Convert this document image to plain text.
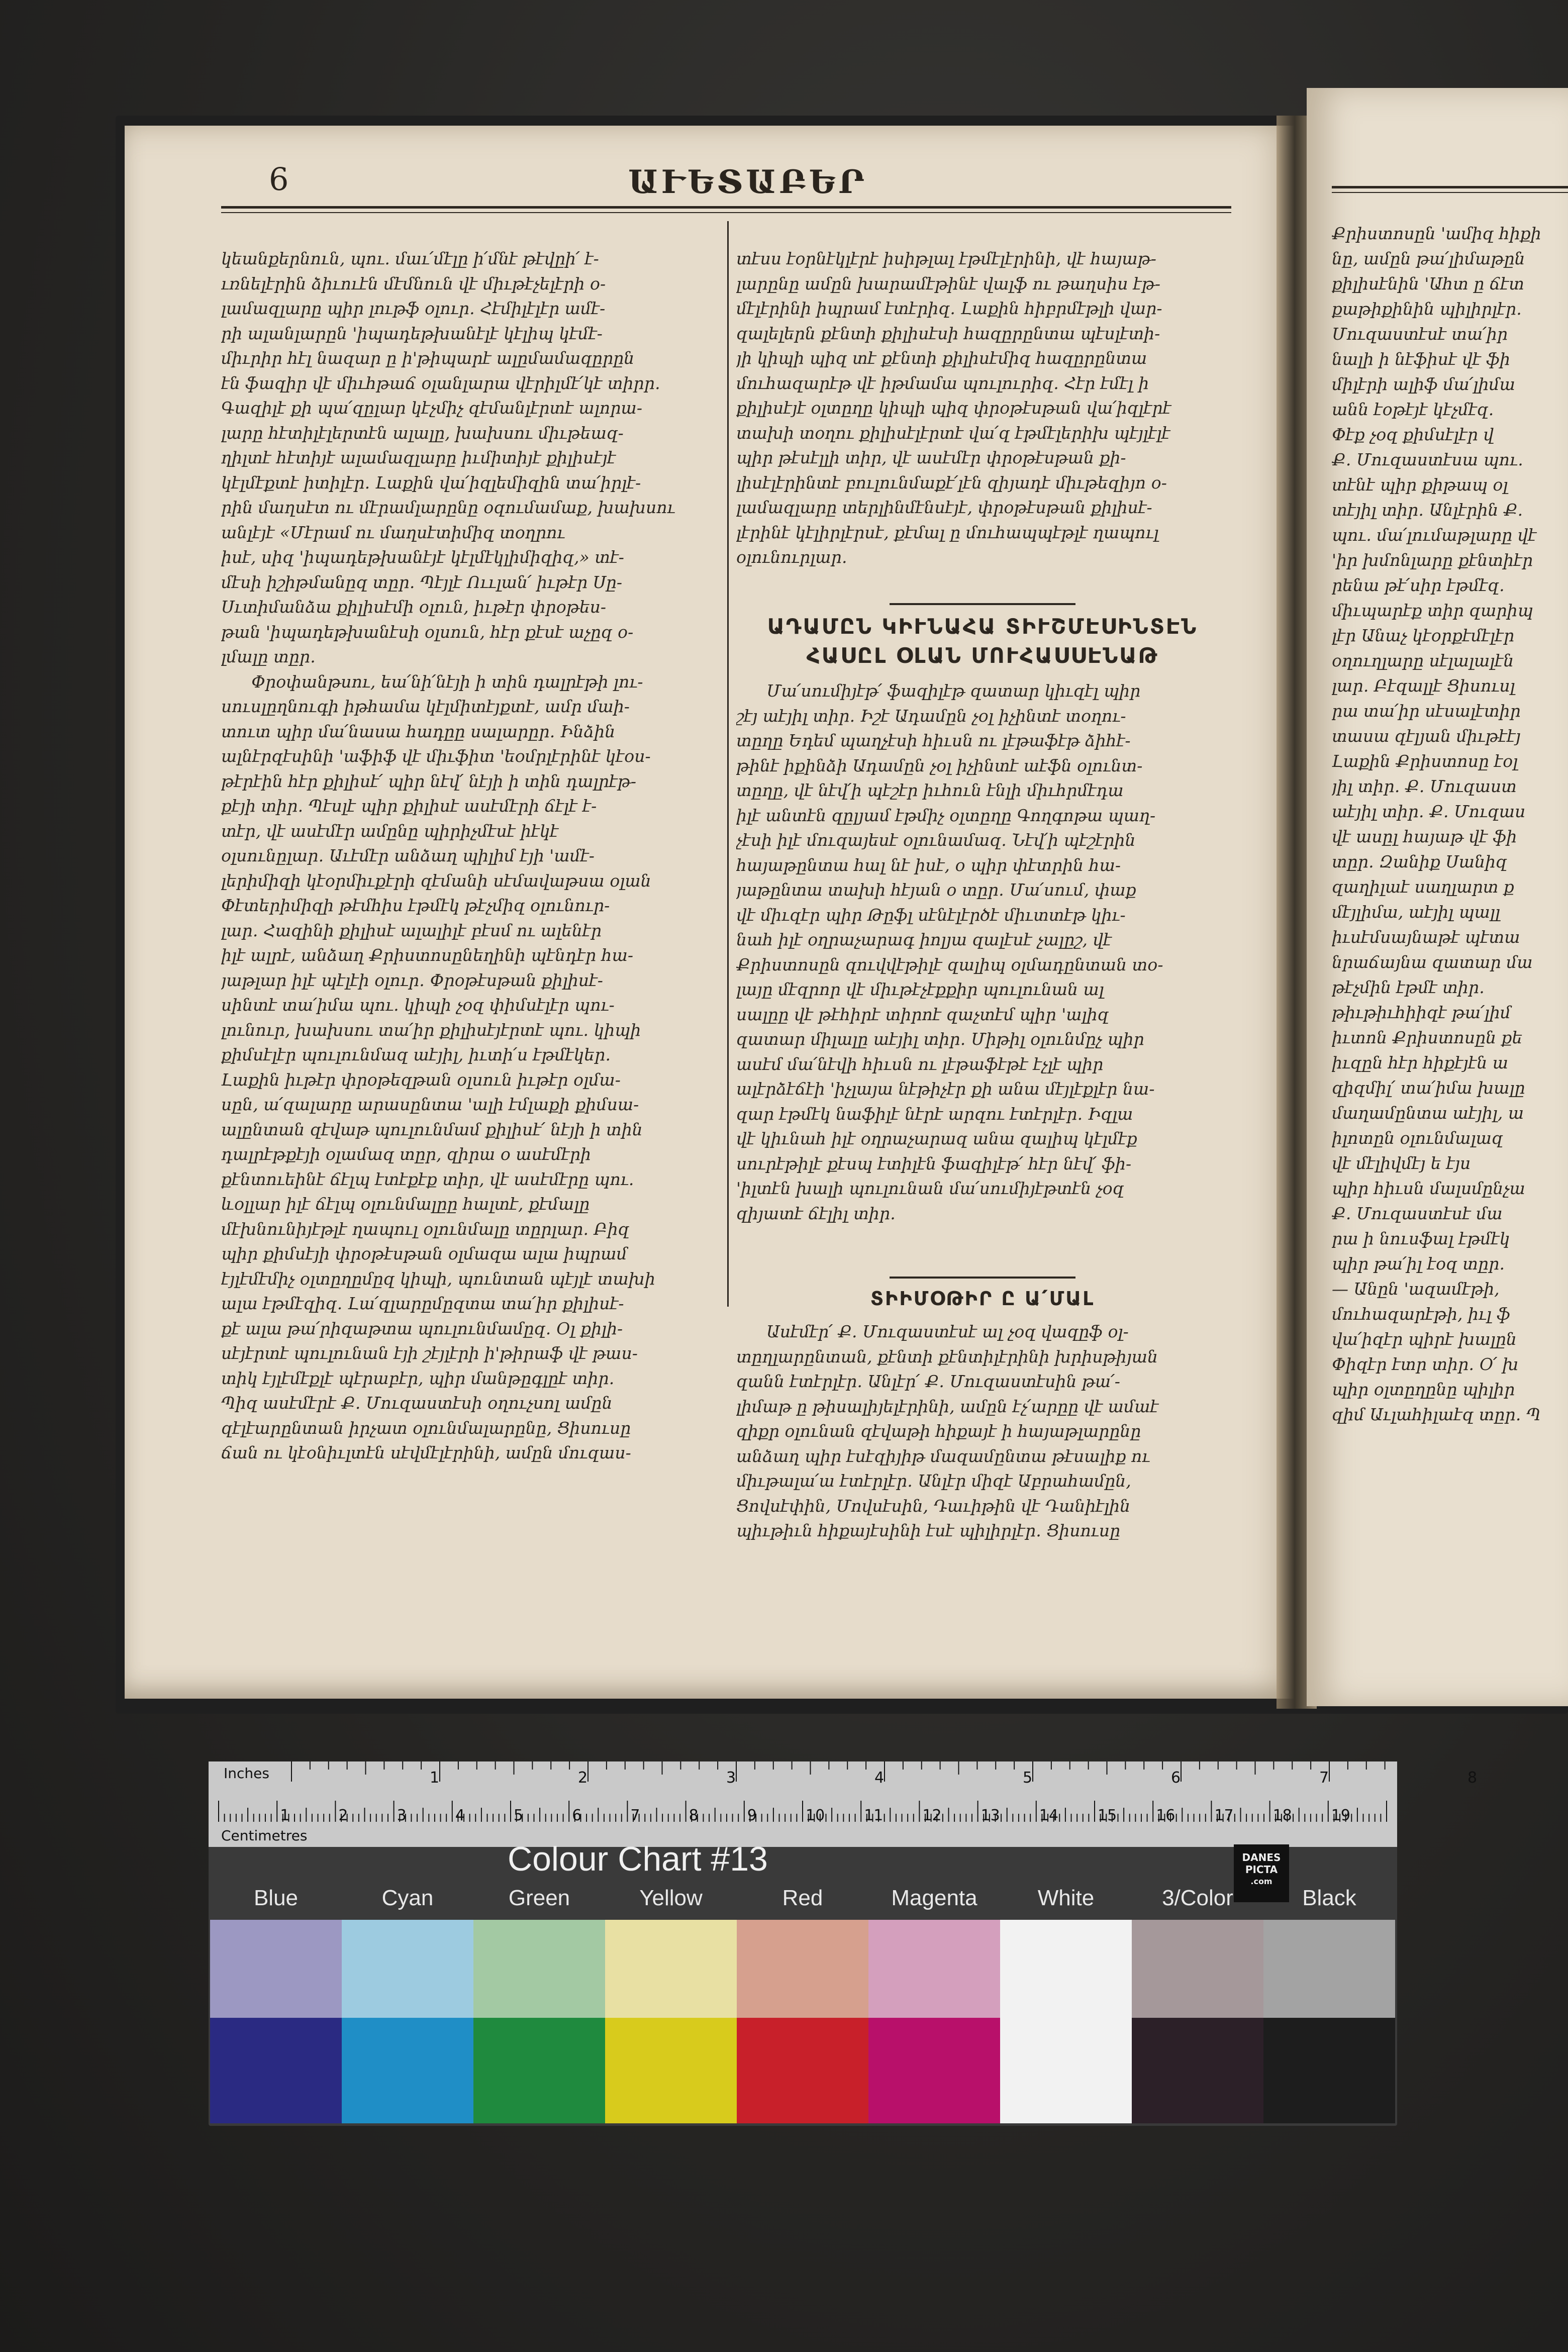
6	ԱՒԵՏԱԲԵՐ
կեանքերնուն, պու. մաւ՛մէլը ի՛մնէ թէվըի՛ է-
ւռնելէրին ձիւուէն մէմնուն վէ միւթէչելէրի օ-
լամազլարը պիր լութֆ օլուր․ Հէմիլէլէր ամէ-
րի ալանլարըն 'իպադեթխանէլէ կէլիպ կէմէ-
միւրիր հէլ նազար ը ի'թիպարէ ալըմամազըրըն
էն ֆազիր վէ միւհթաճ օլանլարա վէրիլմէ՛կէ տիրր․
Գազիլէ քի պա՛զըլար կէչմիչ զէմանլէրտէ ալորա-
լարը հէտիլէլերտէն ալալը, խախսու միւթեազ-
ղիլտէ հէտիյէ ալամազլարը իւմիտիյէ քիլիսէյէ
կէլմէքտէ իտիլէր․ Լաքին վա՛իզլեմիզին տա՛իրլէ-
րին մաղսէտ ու մէրամլարընը օզումամաք, խախսու
անլէյէ «Մէրամ ու մաղսէտիմիզ տօղրու
իսէ, սիզ 'իպադեթխանէյէ կէլմէկլիմիզիզ,» տէ-
մէսի իշիթմանըզ տըր․ Պէյլէ Ոււլան՛ իւթէր Սը-
Սւտիմանձա քիլիսէմի օլուն, իւթէր փրօթես-
թան 'իպադեթխանէսի օլսուն, հէր քէսէ աչըզ օ-
լմալը տըր․
Փրօփանթսու, եա՛նի՛նէյի ի տին դալրէթի լու-
սուսլըղնուգի իթհամա կէլմիտէյքտէ, ամր մաի-
տուտ պիր մա՛նասա հադըը սալարըր․ Ինձին
ալնէրզէսինի 'աֆիֆ վէ միւֆիտ 'եօմրլէրինէ կէօս-
թէրէին հէր քիլիսէ՛ պիր նէվ՛ նէյի ի տին դալրէթ-
քէյի տիր․ Պէսլէ պիր քիլիսէ ասէմէրի ճէլէ է-
տէր, վէ ասէմէր ամընը պիրիչմէսէ իէկէ
օլսունըլար․ Աւէմէր անձաղ պիլիմ էյի 'ամէ-
լերիմիզի կէօրմիւքէրի զէմանի սէմավաթսա օլան
Փէտերիմիզի թէմհիս էթմէկ թէչմիզ օլունուր-
լար․ Հազինի քիլիսէ ալալիլէ բէսմ ու ալենէր
իլէ ալրէ, անձաղ Քրիստոսընեղինի պէնդէր հա-
յաթլար իլէ պէլէի օլուր․ Փրօթէսթան քիլիսէ-
սինտէ տա՛իմա պու. կիպի չօզ փիմսէլէր պու-
լունուր, խախսու տա՛իր քիլիսէյէրտէ պու. կիպի
քիմսէլէր պուլունմազ աէյիլ, իւտի՛ս էթմէկեր․
Լաքին իւթէր փրօթեզթան օլսուն իւթէր օլմա-
սըն, ա՛զալարը արասընտա 'ալի էմլաքի քիմսա-
ալընտան զէվաթ պուլունմամ քիլիսէ՛ նէյի ի տին
դալրէթքէյի օլամազ տըր, զիրա օ ասէմէրի
քէնտուեինէ ճէլպ էտէքէք տիր, վէ ասէմէրը պու.
ևօլլար իլէ ճէլպ օլունմալըը հալտէ, քէմալը
մէխնունիյէթլէ ղապուլ օլունմալը տըրլար․ Բիզ
պիր քիմսէյի փրօթէսթան օլմազա ալա իպրամ
էյլէմէմիչ օլտըղըմըզ կիպի, պունտան պէյլէ տախի
ալա էթմէզիզ․ Լա՛զլարըմըզտա տա՛իր քիլիսէ-
քէ ալա թա՛րիզաթտա պուլունմամըզ․ Օլ քիլի-
սէյէրտէ պուլունան էյի շէյլէրի ի'թիրաֆ վէ թաս-
տիկ էյլէմէքլէ պէրաբէր, պիր մանթըգլըէ տիր․
Պիզ ասէմէրէ Ք. Մուզաստէսի օղուչսոլ ամըն
զէլէարընտան իրչատ օլունմալարընը, Ցիսուսը
ճան ու կէօնիւլտէն սէվմէլէրինի, ամըն մուզաս-
տէսս էօրնէկլէրէ իսիթլալ էթմէլէրինի, վէ հայաթ-
լարընը ամըն խարամէթինէ վալֆ ու թաղսիս էթ-
մէլէրինի իպրամ էտէրիզ․ Լաքին հիբրմէթլի վար-
զալելերն քէնտի քիլիսէսի հազըրընտա պէսլէտի-
յի կիպի պիզ տէ քէնտի քիլիսէմիզ հազըրընտա
մուհազարէթ վէ իթմամա պուլուրիզ․ Հէր էմէլ ի
քիլիսէյէ օլտըղը կիպի պիզ փրօթէսթան վա՛իզլէրէ
տախի տօղու քիլիսէլէրտէ վա՛զ էթմէլերիխ պէյլէլէ
պիր թէսէլլի տիր, վէ ասէմէր փրօթէսթան քի-
լիսէլէրինտէ բուլունմաքէ՛լէն զիյադէ միւթեզիյո օ-
լամազլարը տերլինմէնսէյէ, փրօթէսթան քիլիսէ-
լէրինէ կէլիրլէրսէ, քէմալ ը մուհապպէթլէ ղապուլ
օլունուրլար․
ԱԴԱՄԸՆ ԿԻՒՆԱՀԱ ՏԻՒՇՄԷՍԻՆՏԷՆ
ՀԱՍԸԼ ՕԼԱՆ ՄՈՒՀԱՍՍԷՆԱԹ
Մա՛սումիյէթ՛ ֆազիլէթ զատար կիւզէլ պիր
շէյ աէյիլ տիր․ Իշէ Ադամըն չօլ իչինտէ տօղու-
տըղը Եդեմ պաղչէսի հիւսն ու լէթաֆէթ ձիհէ-
թինէ իքինձի Ադամըն չօլ իչինտէ աէֆն օլունտ-
տըղը, վէ նէվ՛ի պէշէր իւհուն էնլի միւհրմէդա
իլէ անտէն զըլյամ էթմիչ օլտըղը Գողգոթա պաղ-
չէսի իլէ մուզայեսէ օլունամազ․ Նէվ՛ի պէշէրին
հայաթընտա հալ նէ իսէ, օ պիր փէտրին հա-
յաթընտա տախի հէյան օ տըր․ Մա՛սում, փաք
վէ միւզէր պիր Թըֆլ սէնէլէրծէ միւտտէթ կիւ-
նահ իլէ օղրաչարագ իոլյա զալէսէ չալըշ, վէ
Քրիստոսըն զուվվէթիլէ զալիպ օլմադընտան տօ-
լայը մէզրոր վէ միւթէչէքքիր պուլունան ալ
սալըը վէ թէհիրէ տիրոէ զաչտէմ պիր 'ալիզ
զատար միլալը աէյիլ տիր․ Միթիլ օլունմըչ պիր
ասէմ մա՛նէվի հիւսն ու լէթաֆէթէ էչլէ պիր
ալէրձէճէի 'իչլայա նէթիչէր քի անա մէյլէքլէր նա-
զար էթմէկ նաֆիլէ նէրէ արզու էտէրլէր․ Իզլա
վէ կիւնահ իլէ օղրաչարազ անա զալիպ կէլմէք
սուրէթիլէ քէսպ էտիլէն ֆազիլէթ՛ հէր նէվ՛ ֆի-
'իլտէն խալի պուլունան մա՛սումիյէթտէն չօզ
զիյատէ ճէլիլ տիր․
ՏԻԻՄՕԹԻՐ Ը Ա՛ՄԱԼ
Ասէմէր՛ Ք. Մուզաստէսէ ալ չօզ վազըֆ օլ-
տըղլարընտան, քէնտի քէնտիլէրինի խրիսթիյան
զանն էտէրլէր․ Անլէր՛ Ք. Մուզաստէսին թա՛-
լիմաթ ը թիսալիյելէրինի, ամըն էչ՛արըը վէ ամաէ
զիքր օլունան զէվաթի հիքայէ ի հայաթլարընը
անձաղ պիր էսէզիյիթ մազամընտա թէսալիք ու
միւթալա՛ա էտէրլէր․ Անլէր միզէ Աբրահամըն,
Ցովսէփին, Մովսէսին, Դաւիթին վէ Դանիէլին
պիւթիւն հիքայէսինի էսէ պիլիրլէր․ Ցիսուսը
Քրիստոսըն 'ամիզ հիքի
նը, ամըն թա՛լիմաթըն
քիլիսէնին 'Ահտ ը ճէտ
քաթիքինին պիլիրլէր․
Մուզաստէսէ տա՛իր
նալի ի նէֆիսէ վէ ֆի
միլէրի ալիֆ մա՛լիմա
անն էօթէյէ կէչմէզ․
Փէք չօզ քիմսէլէր վ
Ք. Մուզաստէսա պու․
տէնէ պիր քիթապ օլ
տէյիլ տիր․ Անլէրին Ք.
պու. մա՛լումաթլարը վէ
'իր խմոնլարը քէնտիէր
րենա թէ՛սիր էթմէզ․
միւպարէք տիր զարիպ
լէր Անաչ կէօրքէմէլէր
օղուղլարը սէլալալէն
լար․ Բէզալլէ Ցիսուսլ
րա տա՛իր սէսալէտիր
տասա զէլյան միւթէէյ
Լաքին Քրիստոսը էօլ
յիլ տիր․ Ք. Մուզաստ
աէյիլ տիր․ Ք. Մուզաս
վէ ասըլ հայաթ վէ ֆի
տըր․ Զանիք Սանիզ
զաղիլաէ սաղլարտ ք
մէյլիմա, աէյիլ պալլ
իւսէմսայնաթէ պէտա
նրաճայնա զատար մա
թէչմին էթմէ տիր․
թիւթիւհիիզէ թա՛լիմ
իւտոն Քրիստոսըն քե
իւզըն հէր հիքէյէն ա
զիզմիլ՛ տա՛իմա խալը
մաղամընտա աէյիլ, ա
իլոտըն օլունմալազ
վէ մէլիվմէյ ե էյս
պիր հիւսն մալսմընչա
Ք. Մուզաստէսէ մա
րա ի նուսֆալ էթմէկ
պիր թա՛իլ էօզ տըր․
— Անըն 'ազամէթի,
մուհազարէթի, իւլ ֆ
վա՛իզէր պիրէ խալըն
Փիզէր էտր տիր․ Օ՛ խ
պիր օլտըղընը պիլիր
զիմ Աւլահիլաէզ տըր․ Պ
Inches
Centimetres
1	2	3	4	5	6	7	8
1	2	3	4	5	6	7	8	9	10	11	12	13	14	15	16	17	18	19
Colour Chart #13	DANES
PICTA
.com
Blue	Cyan	Green	Yellow	Red	Magenta	White	3/Color	Black
